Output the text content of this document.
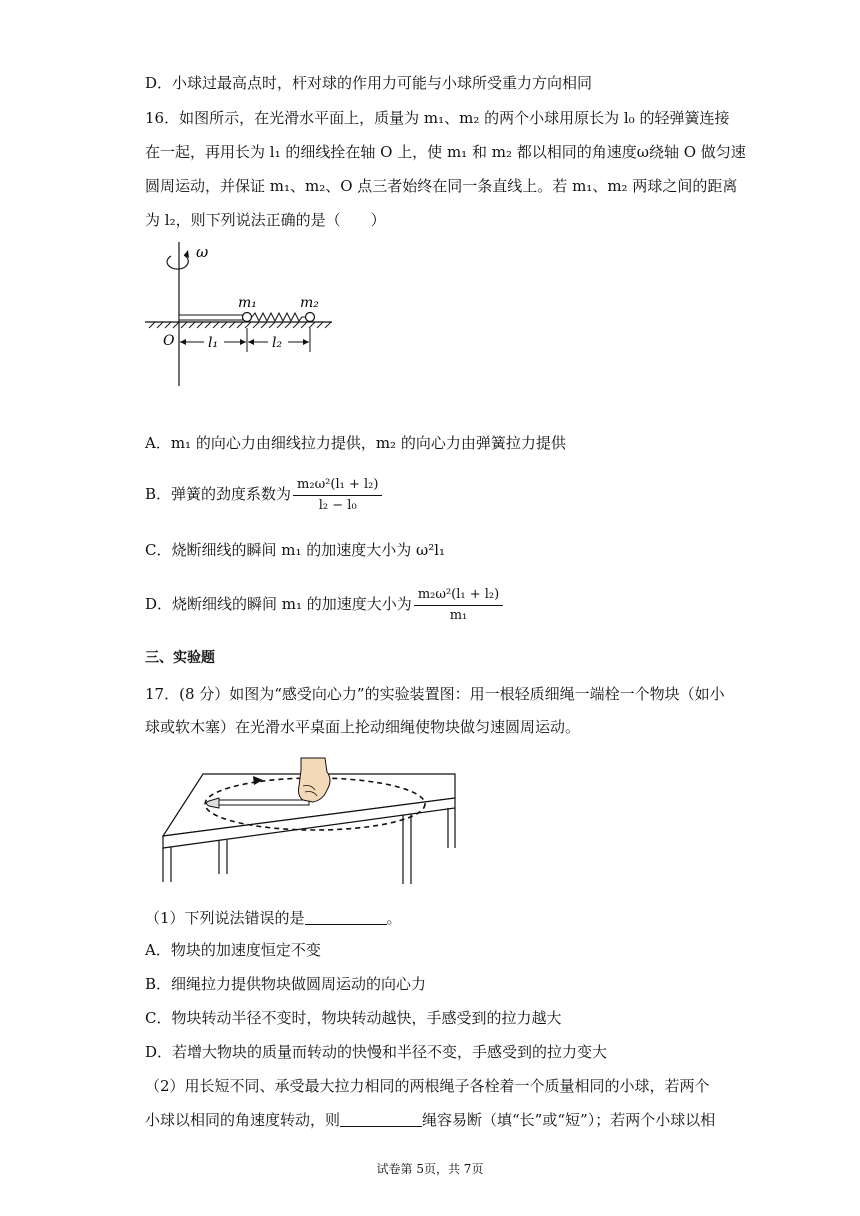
D．小球过最高点时，杆对球的作用力可能与小球所受重力方向相同
16．如图所示，在光滑水平面上，质量为 m₁、m₂ 的两个小球用原长为 l₀ 的轻弹簧连接
在一起，再用长为 l₁ 的细线拴在轴 O 上，使 m₁ 和 m₂ 都以相同的角速度ω绕轴 O 做匀速
圆周运动，并保证 m₁、m₂、O 点三者始终在同一条直线上。若 m₁、m₂ 两球之间的距离
为 l₂，则下列说法正确的是（　　）
ω
m₁	m₂
O l₁	l₂
A．m₁ 的向心力由细线拉力提供，m₂ 的向心力由弹簧拉力提供
B．弹簧的劲度系数为 $\frac{\text{m₂ω²(l₁ + l₂)}}{\text{l₂ − l₀}}$
C．烧断细线的瞬间 m₁ 的加速度大小为 ω²l₁
D．烧断细线的瞬间 m₁ 的加速度大小为 $\frac{\text{m₂ω²(l₁ + l₂)}}{\text{m₁}}$
三、实验题
17．(8 分）如图为“感受向心力”的实验装置图：用一根轻质细绳一端栓一个物块（如小
球或软木塞）在光滑水平桌面上抡动细绳使物块做匀速圆周运动。
（1）下列说法错误的是	。
A．物块的加速度恒定不变
B．细绳拉力提供物块做圆周运动的向心力
C．物块转动半径不变时，物块转动越快，手感受到的拉力越大
D．若增大物块的质量而转动的快慢和半径不变，手感受到的拉力变大
（2）用长短不同、承受最大拉力相同的两根绳子各栓着一个质量相同的小球，若两个
小球以相同的角速度转动，则	绳容易断（填“长”或“短”）；若两个小球以相
试卷第 5页，共 7页
